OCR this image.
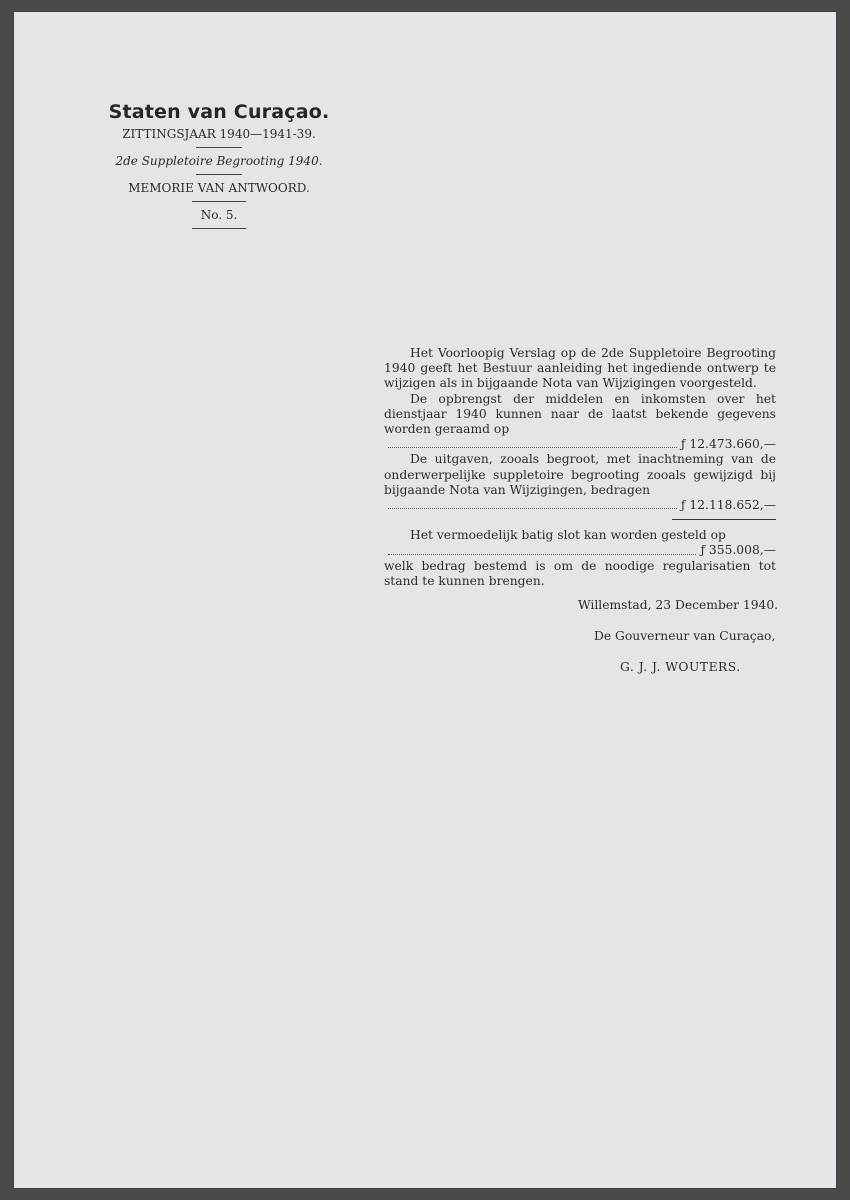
Staten van Curaçao.
ZITTINGSJAAR 1940—1941-39.
2de Suppletoire Begrooting 1940.
MEMORIE VAN ANTWOORD.
No. 5.

Het Voorloopig Verslag op de 2de Suppletoire Begrooting 1940 geeft het Bestuur aanleiding het ingediende ontwerp te wijzigen als in bijgaande Nota van Wijzigingen voorgesteld.

De opbrengst der middelen en inkomsten over het dienstjaar 1940 kunnen naar de laatst bekende gegevens worden geraamd op

ƒ 12.473.660,—

De uitgaven, zooals begroot, met inachtneming van de onderwerpelijke suppletoire begrooting zooals gewijzigd bij bijgaande Nota van Wijzigingen, bedragen

ƒ 12.118.652,—

Het vermoedelijk batig slot kan worden gesteld op

ƒ 355.008,—

welk bedrag bestemd is om de noodige regularisatien tot stand te kunnen brengen.

Willemstad, 23 December 1940.
De Gouverneur van Curaçao,
G. J. J. WOUTERS.
